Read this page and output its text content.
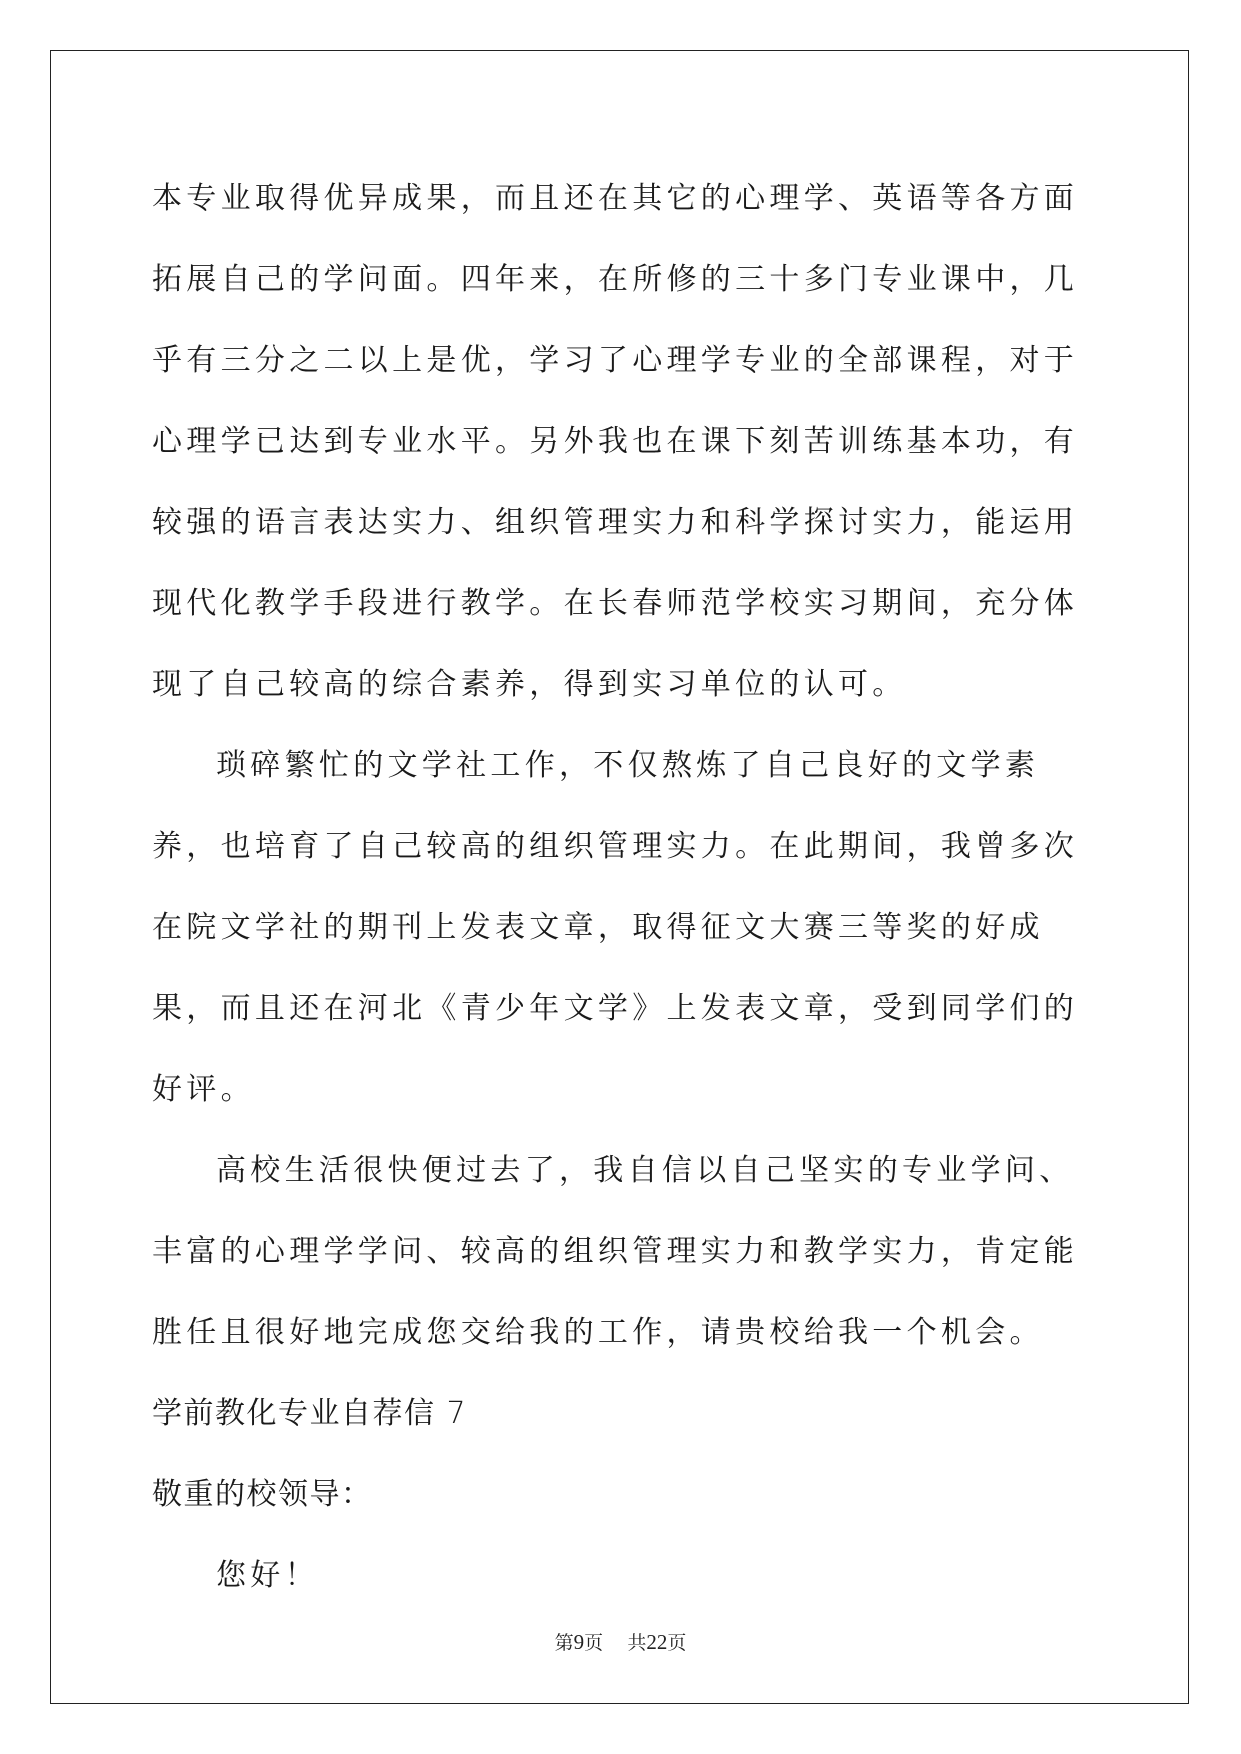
本专业取得优异成果，而且还在其它的心理学、英语等各方面拓展自己的学问面。四年来，在所修的三十多门专业课中，几乎有三分之二以上是优，学习了心理学专业的全部课程，对于心理学已达到专业水平。另外我也在课下刻苦训练基本功，有较强的语言表达实力、组织管理实力和科学探讨实力，能运用现代化教学手段进行教学。在长春师范学校实习期间，充分体现了自己较高的综合素养，得到实习单位的认可。

琐碎繁忙的文学社工作，不仅熬炼了自己良好的文学素养，也培育了自己较高的组织管理实力。在此期间，我曾多次在院文学社的期刊上发表文章，取得征文大赛三等奖的好成果，而且还在河北《青少年文学》上发表文章，受到同学们的好评。

高校生活很快便过去了，我自信以自己坚实的专业学问、丰富的心理学学问、较高的组织管理实力和教学实力，肯定能胜任且很好地完成您交给我的工作，请贵校给我一个机会。

学前教化专业自荐信 7

敬重的校领导：

您好！

第9页 共22页
